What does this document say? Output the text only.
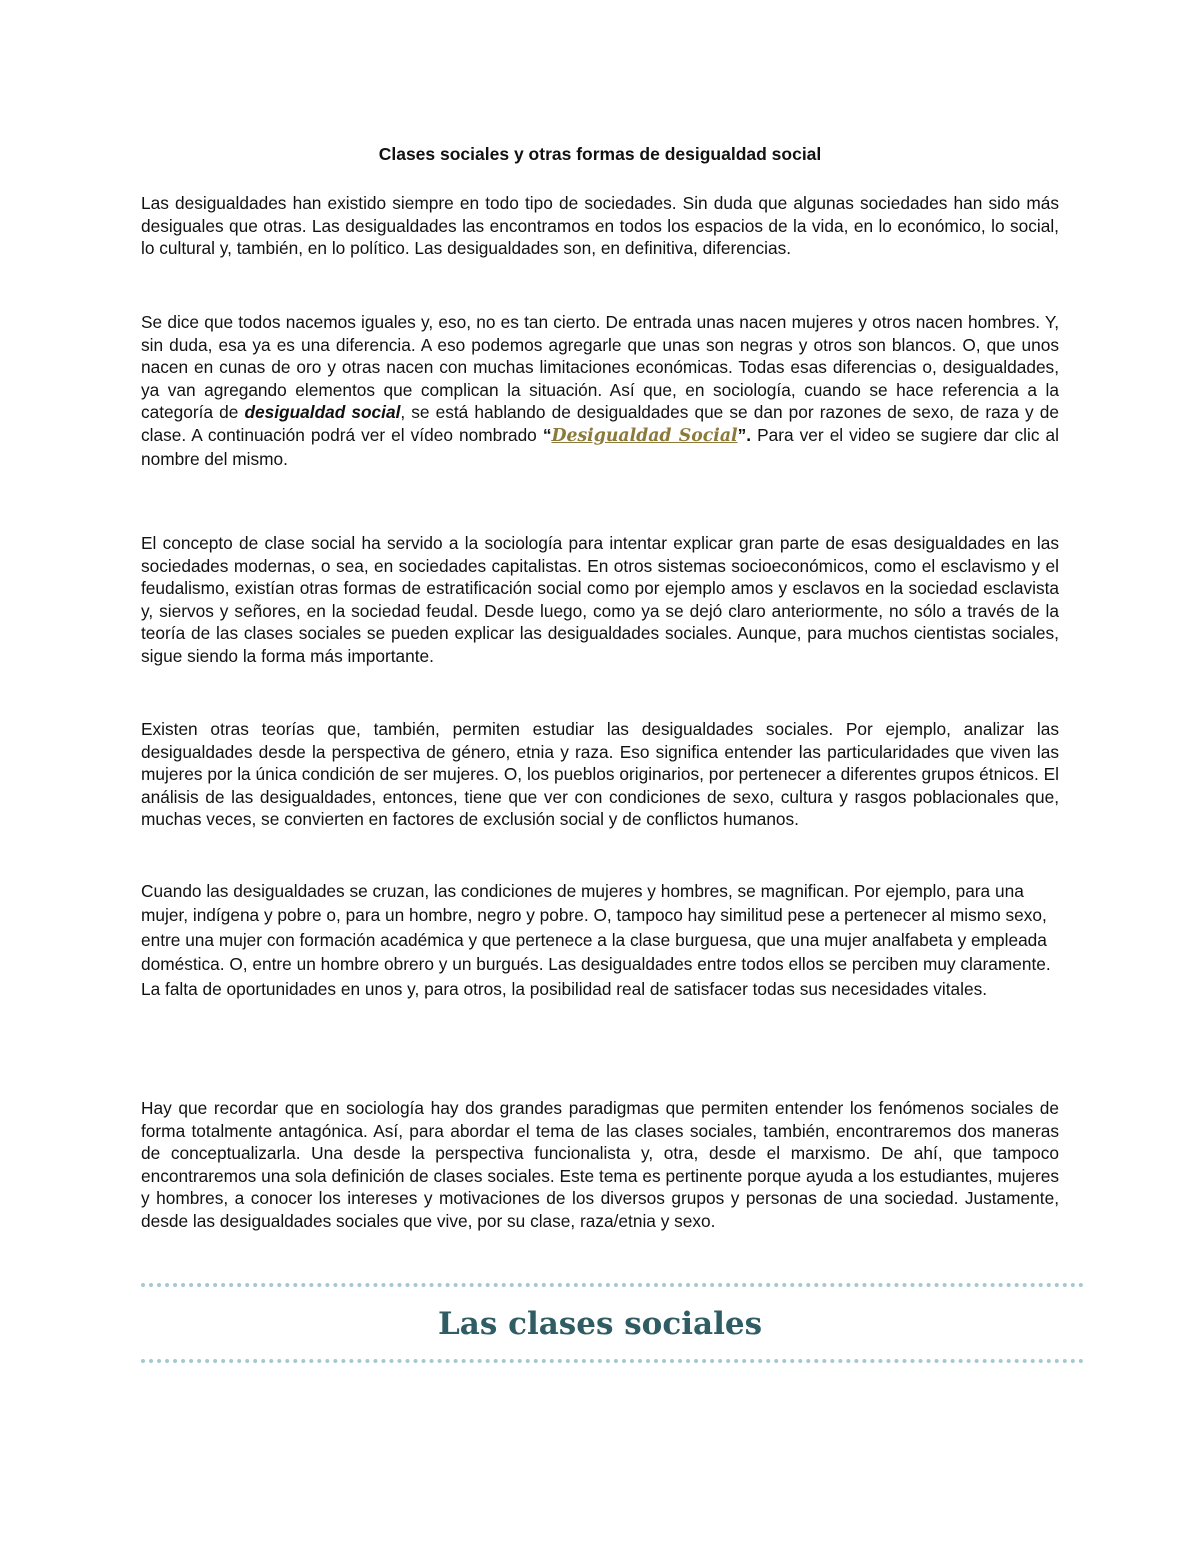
Clases sociales y otras formas de desigualdad social

Las desigualdades han existido siempre en todo tipo de sociedades. Sin duda que algunas sociedades han sido más desiguales que otras. Las desigualdades las encontramos en todos los espacios de la vida, en lo económico, lo social, lo cultural y, también, en lo político. Las desigualdades son, en definitiva, diferencias.

Se dice que todos nacemos iguales y, eso, no es tan cierto. De entrada unas nacen mujeres y otros nacen hombres. Y, sin duda, esa ya es una diferencia. A eso podemos agregarle que unas son negras y otros son blancos. O, que unos nacen en cunas de oro y otras nacen con muchas limitaciones económicas. Todas esas diferencias o, desigualdades, ya van agregando elementos que complican la situación. Así que, en sociología, cuando se hace referencia a la categoría de desigualdad social, se está hablando de desigualdades que se dan por razones de sexo, de raza y de clase. A continuación podrá ver el vídeo nombrado “Desigualdad Social”. Para ver el video se sugiere dar clic al nombre del mismo.

El concepto de clase social ha servido a la sociología para intentar explicar gran parte de esas desigualdades en las sociedades modernas, o sea, en sociedades capitalistas. En otros sistemas socioeconómicos, como el esclavismo y el feudalismo, existían otras formas de estratificación social como por ejemplo amos y esclavos en la sociedad esclavista y, siervos y señores, en la sociedad feudal. Desde luego, como ya se dejó claro anteriormente, no sólo a través de la teoría de las clases sociales se pueden explicar las desigualdades sociales. Aunque, para muchos cientistas sociales, sigue siendo la forma más importante.

Existen otras teorías que, también, permiten estudiar las desigualdades sociales. Por ejemplo, analizar las desigualdades desde la perspectiva de género, etnia y raza. Eso significa entender las particularidades que viven las mujeres por la única condición de ser mujeres. O, los pueblos originarios, por pertenecer a diferentes grupos étnicos. El análisis de las desigualdades, entonces, tiene que ver con condiciones de sexo, cultura y rasgos poblacionales que, muchas veces, se convierten en factores de exclusión social y de conflictos humanos.

Cuando las desigualdades se cruzan, las condiciones de mujeres y hombres, se magnifican. Por ejemplo, para una mujer, indígena y pobre o, para un hombre, negro y pobre. O, tampoco hay similitud pese a pertenecer al mismo sexo, entre una mujer con formación académica y que pertenece a la clase burguesa, que una mujer analfabeta y empleada doméstica. O, entre un hombre obrero y un burgués. Las desigualdades entre todos ellos se perciben muy claramente. La falta de oportunidades en unos y, para otros, la posibilidad real de satisfacer todas sus necesidades vitales.

Hay que recordar que en sociología hay dos grandes paradigmas que permiten entender los fenómenos sociales de forma totalmente antagónica. Así, para abordar el tema de las clases sociales, también, encontraremos dos maneras de conceptualizarla. Una desde la perspectiva funcionalista y, otra, desde el marxismo. De ahí, que tampoco encontraremos una sola definición de clases sociales. Este tema es pertinente porque ayuda a los estudiantes, mujeres y hombres, a conocer los intereses y motivaciones de los diversos grupos y personas de una sociedad. Justamente, desde las desigualdades sociales que vive, por su clase, raza/etnia y sexo.

Las clases sociales
